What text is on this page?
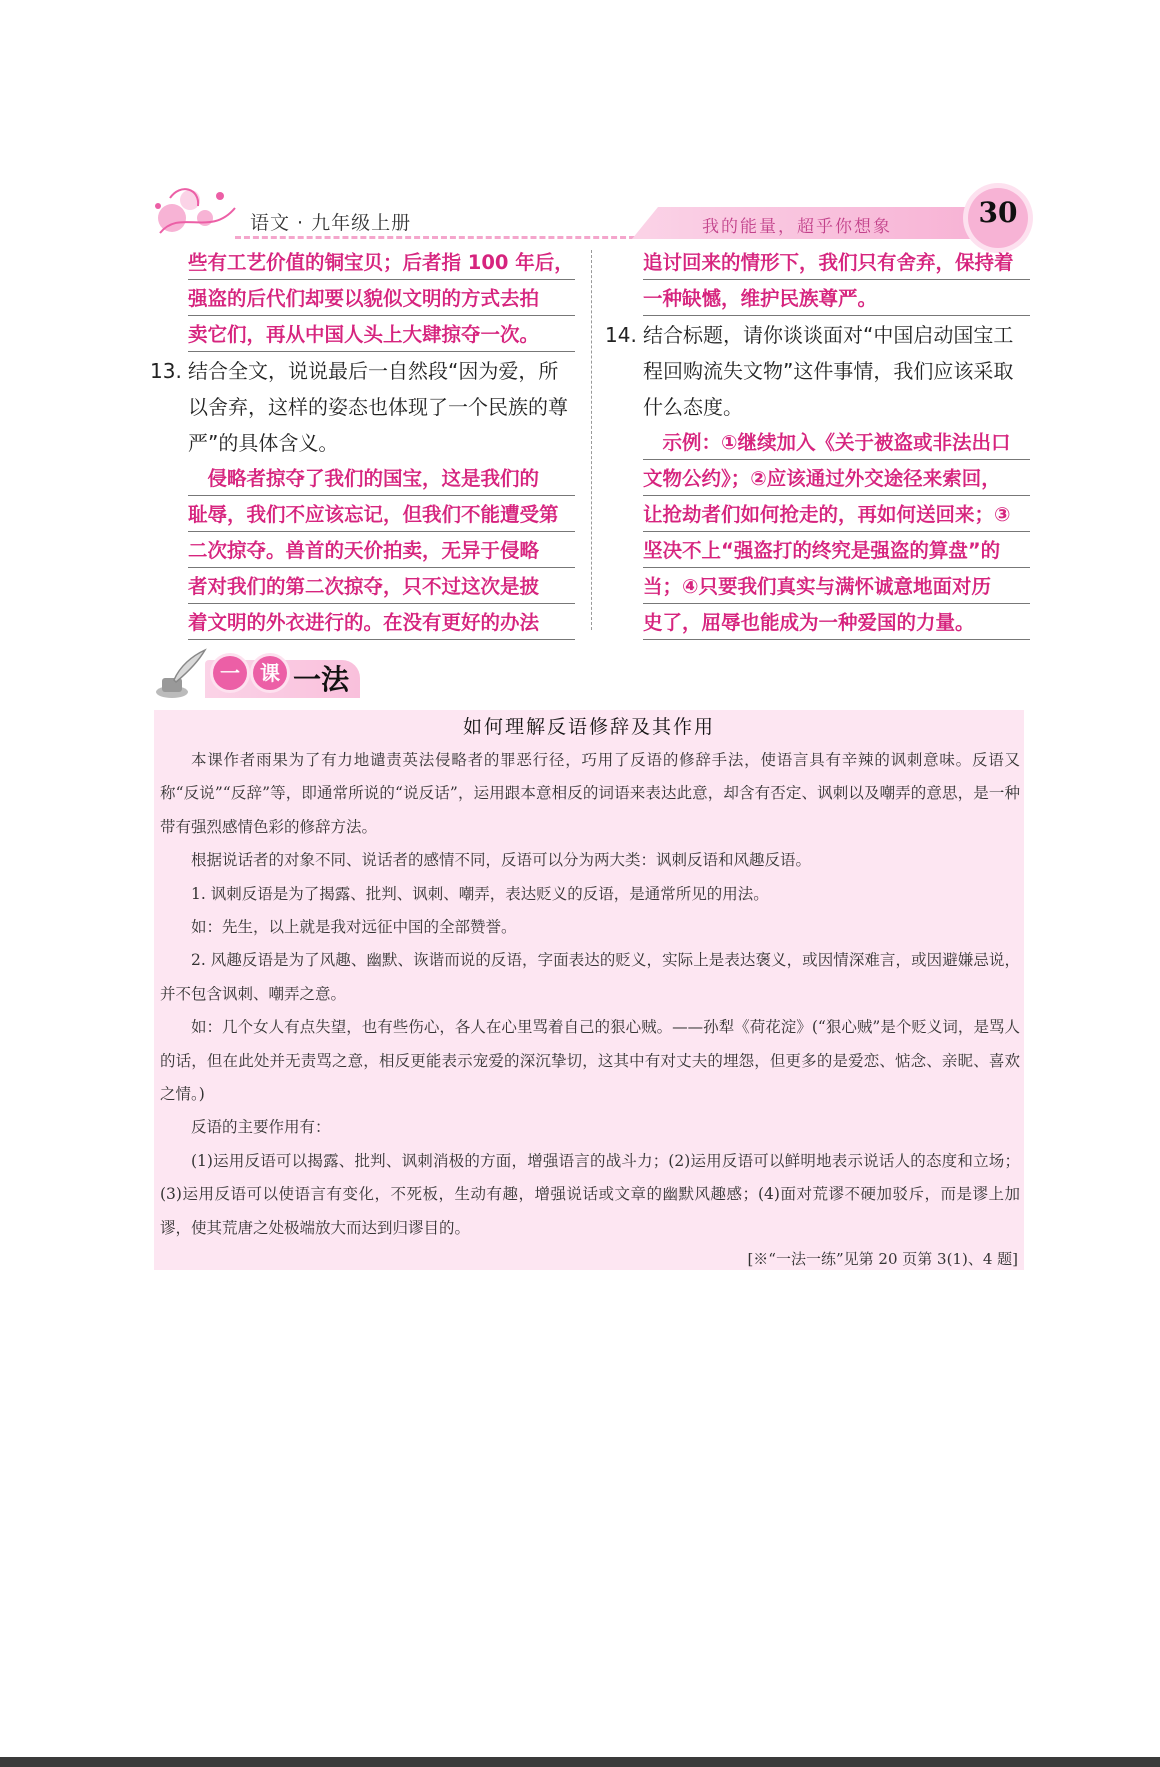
语文 · 九年级上册	我的能量，超乎你想象	30

些有工艺价值的铜宝贝；后者指 100 年后，

强盗的后代们却要以貌似文明的方式去拍

卖它们，再从中国人头上大肆掠夺一次。

13. 结合全文，说说最后一自然段“因为爱，所以舍弃，这样的姿态也体现了一个民族的尊严”的具体含义。

　侵略者掠夺了我们的国宝，这是我们的

耻辱，我们不应该忘记，但我们不能遭受第

二次掠夺。兽首的天价拍卖，无异于侵略

者对我们的第二次掠夺，只不过这次是披

着文明的外衣进行的。在没有更好的办法

追讨回来的情形下，我们只有舍弃，保持着

一种缺憾，维护民族尊严。

14. 结合标题，请你谈谈面对“中国启动国宝工程回购流失文物”这件事情，我们应该采取什么态度。

　示例：①继续加入《关于被盗或非法出口

文物公约》；②应该通过外交途径来索回，

让抢劫者们如何抢走的，再如何送回来；③

坚决不上“强盗打的终究是强盗的算盘”的

当；④只要我们真实与满怀诚意地面对历

史了，屈辱也能成为一种爱国的力量。

一	课 一法
如何理解反语修辞及其作用

本课作者雨果为了有力地谴责英法侵略者的罪恶行径，巧用了反语的修辞手法，使语言具有辛辣的讽刺意味。反语又称“反说”“反辞”等，即通常所说的“说反话”，运用跟本意相反的词语来表达此意，却含有否定、讽刺以及嘲弄的意思，是一种带有强烈感情色彩的修辞方法。

根据说话者的对象不同、说话者的感情不同，反语可以分为两大类：讽刺反语和风趣反语。

1. 讽刺反语是为了揭露、批判、讽刺、嘲弄，表达贬义的反语，是通常所见的用法。

如：先生，以上就是我对远征中国的全部赞誉。

2. 风趣反语是为了风趣、幽默、诙谐而说的反语，字面表达的贬义，实际上是表达褒义，或因情深难言，或因避嫌忌说，并不包含讽刺、嘲弄之意。

如：几个女人有点失望，也有些伤心，各人在心里骂着自己的狠心贼。——孙犁《荷花淀》(“狠心贼”是个贬义词，是骂人的话，但在此处并无责骂之意，相反更能表示宠爱的深沉挚切，这其中有对丈夫的埋怨，但更多的是爱恋、惦念、亲昵、喜欢之情。)

反语的主要作用有：

(1)运用反语可以揭露、批判、讽刺消极的方面，增强语言的战斗力；(2)运用反语可以鲜明地表示说话人的态度和立场；(3)运用反语可以使语言有变化，不死板，生动有趣，增强说话或文章的幽默风趣感；(4)面对荒谬不硬加驳斥，而是谬上加谬，使其荒唐之处极端放大而达到归谬目的。

[※“一法一练”见第 20 页第 3(1)、4 题]
